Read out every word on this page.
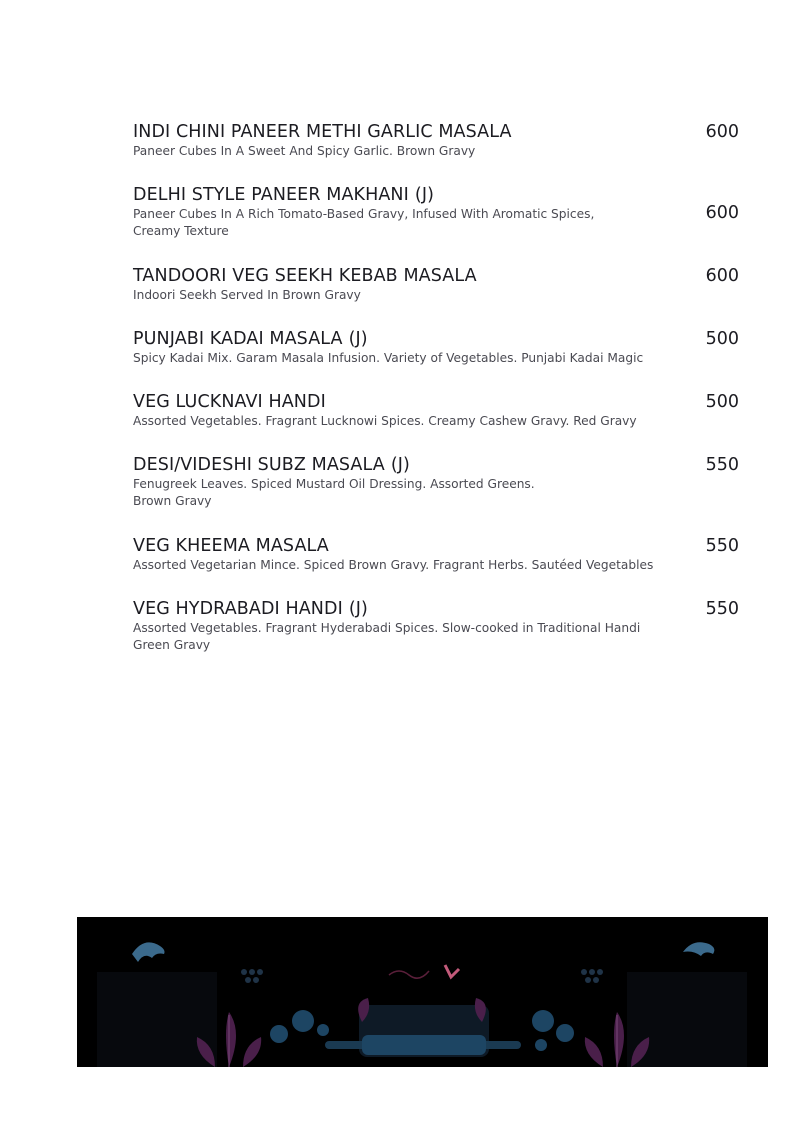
INDI CHINI PANEER METHI GARLIC MASALA
Paneer Cubes In A Sweet And Spicy Garlic. Brown Gravy
600
DELHI STYLE PANEER MAKHANI (J)
Paneer Cubes In A Rich Tomato-Based Gravy, Infused With Aromatic Spices,
Creamy Texture
600
TANDOORI VEG SEEKH KEBAB MASALA
Indoori Seekh Served In Brown Gravy
600
PUNJABI KADAI MASALA (J)
Spicy Kadai Mix. Garam Masala Infusion. Variety of Vegetables. Punjabi Kadai Magic
500
VEG LUCKNAVI HANDI
Assorted Vegetables. Fragrant Lucknowi Spices. Creamy Cashew Gravy. Red Gravy
500
DESI/VIDESHI SUBZ MASALA (J)
Fenugreek Leaves. Spiced Mustard Oil Dressing. Assorted Greens.
Brown Gravy
550
VEG KHEEMA MASALA
Assorted Vegetarian Mince. Spiced Brown Gravy. Fragrant Herbs. Sautéed Vegetables
550
VEG HYDRABADI HANDI (J)
Assorted Vegetables. Fragrant Hyderabadi Spices. Slow-cooked in Traditional Handi
Green Gravy
550
